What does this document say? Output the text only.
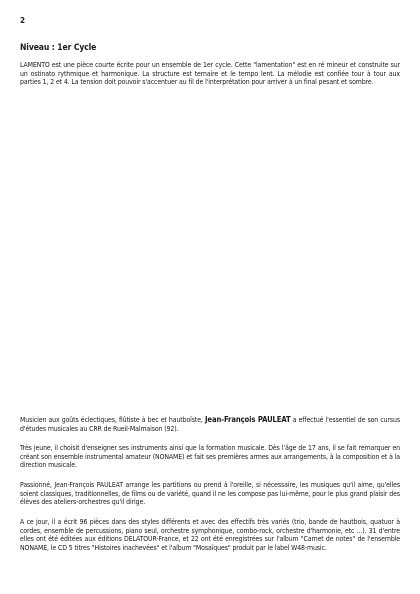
2
Niveau : 1er Cycle

LAMENTO est une pièce courte écrite pour un ensemble de 1er cycle. Cette "lamentation" est en ré mineur et construite sur un ostinato rythmique et harmonique. La structure est ternaire et le tempo lent. La mélodie est confiée tour à tour aux parties 1, 2 et 4. La tension doit pouvoir s'accentuer au fil de l'interprétation pour arriver à un final pesant et sombre.

Musicien aux goûts éclectiques, flûtiste à bec et hautboïste, Jean-François PAULEAT a effectué l'essentiel de son cursus d'études musicales au CRR de Rueil-Malmaison (92).

Très jeune, il choisit d'enseigner ses instruments ainsi que la formation musicale. Dès l'âge de 17 ans, il se fait remarquer en créant son ensemble instrumental amateur (NONAME) et fait ses premières armes aux arrangements, à la composition et à la direction musicale.

Passionné, Jean-François PAULEAT arrange les partitions ou prend à l'oreille, si nécessaire, les musiques qu'il aime, qu'elles soient classiques, traditionnelles, de films ou de variété, quand il ne les compose pas lui-même, pour le plus grand plaisir des élèves des ateliers-orchestres qu'il dirige.

A ce jour, il a écrit 96 pièces dans des styles différents et avec des effectifs très variés (trio, bande de hautbois, quatuor à cordes, ensemble de percussions, piano seul, orchestre symphonique, combo-rock, orchestre d'harmonie, etc ...). 31 d'entre elles ont été éditées aux éditions DELATOUR-France, et 22 ont été enregistrées sur l'album "Carnet de notes" de l'ensemble NONAME, le CD 5 titres "Histoires inachevées" et l'album "Mosaïques" produit par le label W48-music.
